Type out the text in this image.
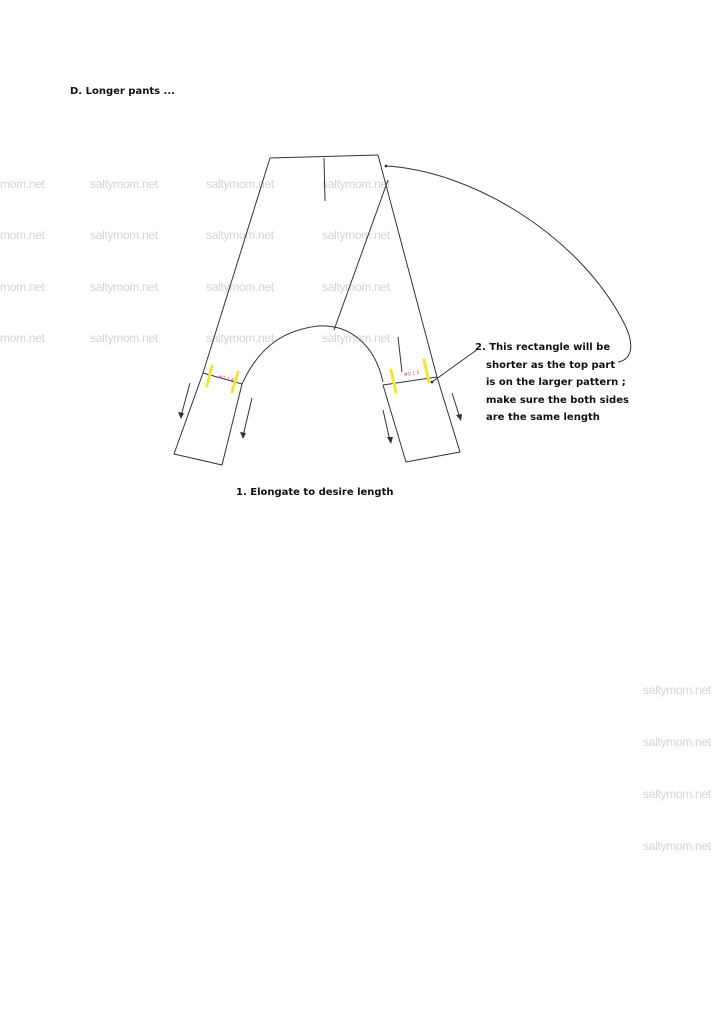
D. Longer pants ...
mom.net	saltymom.net	saltymom.net	saltymom.net
mom.net	saltymom.net	saltymom.net	saltymom.net
mom.net	saltymom.net	saltymom.net	saltymom.net
mom.net	saltymom.net	saltymom.net	saltymom.net
saltymom.net
saltymom.net
saltymom.net
saltymom.net
#O 1 4
#O 1 5
1. Elongate to desire length
2. This rectangle will be
shorter as the top part
is on the larger pattern ;
make sure the both sides
are the same length
